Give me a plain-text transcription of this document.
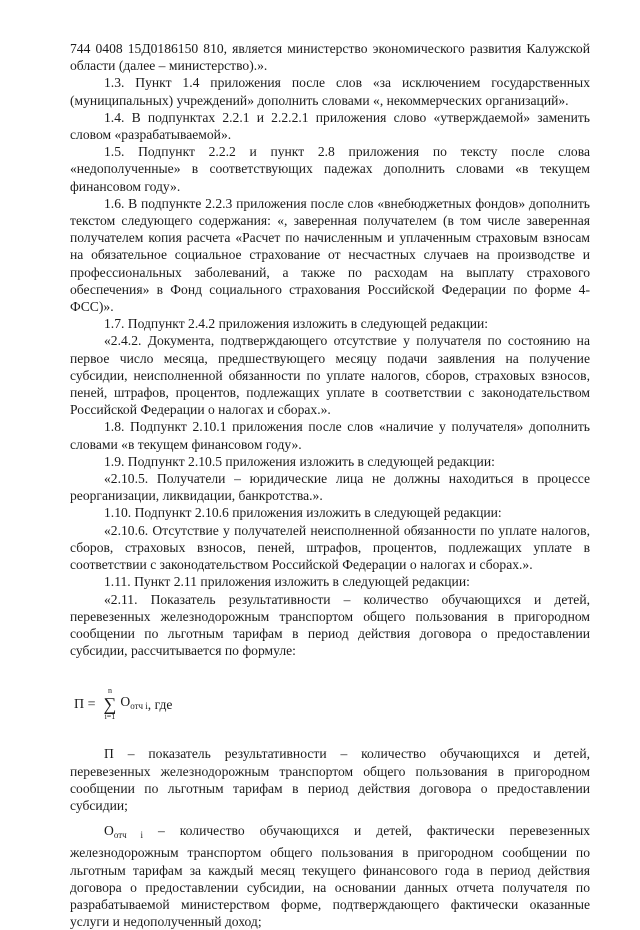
744 0408 15Д0186150 810, является министерство экономического развития Калужской области (далее – министерство).».

1.3. Пункт 1.4 приложения после слов «за исключением государственных (муниципальных) учреждений» дополнить словами «, некоммерческих организаций».

1.4. В подпунктах 2.2.1 и 2.2.2.1 приложения слово «утверждаемой» заменить словом «разрабатываемой».

1.5. Подпункт 2.2.2 и пункт 2.8 приложения по тексту после слова «недополученные» в соответствующих падежах дополнить словами «в текущем финансовом году».

1.6. В подпункте 2.2.3 приложения после слов «внебюджетных фондов» дополнить текстом следующего содержания: «, заверенная получателем (в том числе заверенная получателем копия расчета «Расчет по начисленным и уплаченным страховым взносам на обязательное социальное страхование от несчастных случаев на производстве и профессиональных заболеваний, а также по расходам на выплату страхового обеспечения» в Фонд социального страхования Российской Федерации по форме 4-ФСС)».

1.7. Подпункт 2.4.2 приложения изложить в следующей редакции:

«2.4.2. Документа, подтверждающего отсутствие у получателя по состоянию на первое число месяца, предшествующего месяцу подачи заявления на получение субсидии, неисполненной обязанности по уплате налогов, сборов, страховых взносов, пеней, штрафов, процентов, подлежащих уплате в соответствии с законодательством Российской Федерации о налогах и сборах.».

1.8. Подпункт 2.10.1 приложения после слов «наличие у получателя» дополнить словами «в текущем финансовом году».

1.9. Подпункт 2.10.5 приложения изложить в следующей редакции:

«2.10.5. Получатели – юридические лица не должны находиться в процессе реорганизации, ликвидации, банкротства.».

1.10. Подпункт 2.10.6 приложения изложить в следующей редакции:

«2.10.6. Отсутствие у получателей неисполненной обязанности по уплате налогов, сборов, страховых взносов, пеней, штрафов, процентов, подлежащих уплате в соответствии с законодательством Российской Федерации о налогах и сборах.».

1.11. Пункт 2.11 приложения изложить в следующей редакции:

«2.11. Показатель результативности – количество обучающихся и детей, перевезенных железнодорожным транспортом общего пользования в пригородном сообщении по льготным тарифам в период действия договора о предоставлении субсидии, рассчитывается по формуле:

П =
n
∑
i=1
$О_{отч i}$ , где

П – показатель результативности – количество обучающихся и детей, перевезенных железнодорожным транспортом общего пользования в пригородном сообщении по льготным тарифам в период действия договора о предоставлении субсидии;

$О_{отч i}$ – количество обучающихся и детей, фактически перевезенных железнодорожным транспортом общего пользования в пригородном сообщении по льготным тарифам за каждый месяц текущего финансового года в период действия договора о предоставлении субсидии, на основании данных отчета получателя по разрабатываемой министерством форме, подтверждающего фактически оказанные услуги и недополученный доход;
